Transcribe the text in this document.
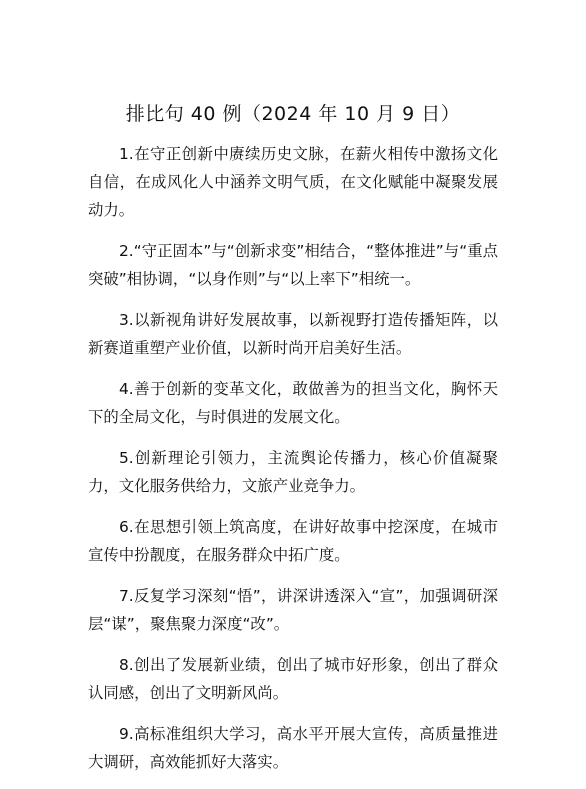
排比句 40 例（2024 年 10 月 9 日）

1.在守正创新中赓续历史文脉，在薪火相传中激扬文化自信，在成风化人中涵养文明气质，在文化赋能中凝聚发展动力。

2.“守正固本”与“创新求变”相结合，“整体推进”与“重点突破”相协调，“以身作则”与“以上率下”相统一。

3.以新视角讲好发展故事，以新视野打造传播矩阵，以新赛道重塑产业价值，以新时尚开启美好生活。

4.善于创新的变革文化，敢做善为的担当文化，胸怀天下的全局文化，与时俱进的发展文化。

5.创新理论引领力，主流舆论传播力，核心价值凝聚力，文化服务供给力，文旅产业竞争力。

6.在思想引领上筑高度，在讲好故事中挖深度，在城市宣传中扮靓度，在服务群众中拓广度。

7.反复学习深刻“悟”，讲深讲透深入“宣”，加强调研深层“谋”，聚焦聚力深度“改”。

8.创出了发展新业绩，创出了城市好形象，创出了群众认同感，创出了文明新风尚。

9.高标准组织大学习，高水平开展大宣传，高质量推进大调研，高效能抓好大落实。
